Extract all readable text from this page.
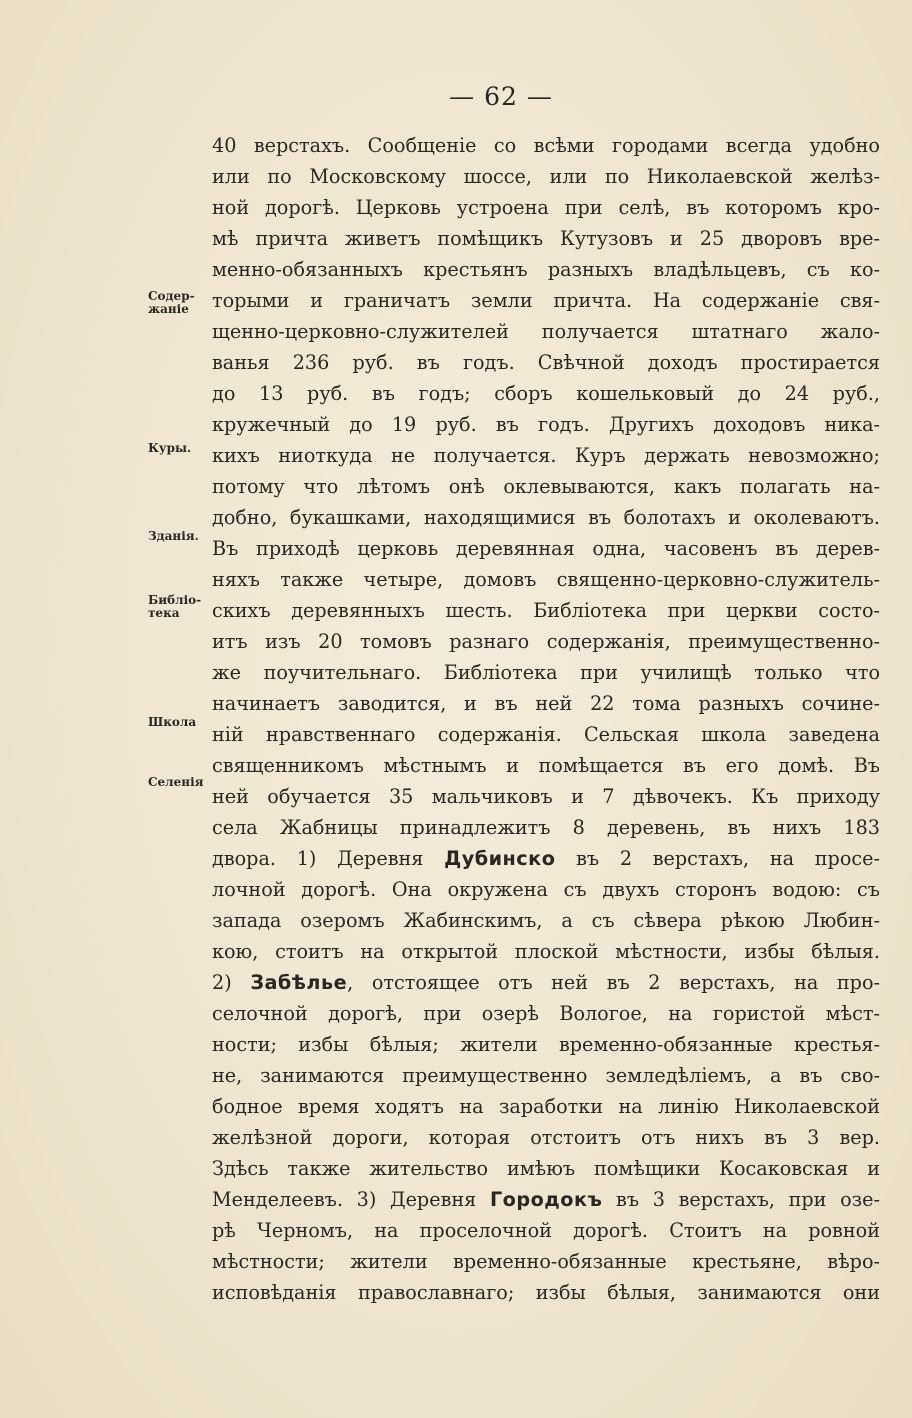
— 62 —
Содер-
жаніе
Куры.
Зданія.
Библіо-
тека
Школа
Селенія
40 верстахъ. Сообщеніе со всѣми городами всегда удобно
или по Московскому шоссе, или по Николаевской желѣз-
ной дорогѣ. Церковь устроена при селѣ, въ которомъ кро-
мѣ причта живетъ помѣщикъ Кутузовъ и 25 дворовъ вре-
менно-обязанныхъ крестьянъ разныхъ владѣльцевъ, съ ко-
торыми и граничатъ земли причта. На содержаніе свя-
щенно-церковно-служителей получается штатнаго жало-
ванья 236 руб. въ годъ. Свѣчной доходъ простирается
до 13 руб. въ годъ; сборъ кошельковый до 24 руб.,
кружечный до 19 руб. въ годъ. Другихъ доходовъ ника-
кихъ ниоткуда не получается. Куръ держать невозможно;
потому что лѣтомъ онѣ оклевываются, какъ полагать на-
добно, букашками, находящимися въ болотахъ и околеваютъ.
Въ приходѣ церковь деревянная одна, часовенъ въ дерев-
няхъ также четыре, домовъ священно-церковно-служитель-
скихъ деревянныхъ шесть. Библіотека при церкви состо-
итъ изъ 20 томовъ разнаго содержанія, преимущественно-
же поучительнаго. Библіотека при училищѣ только что
начинаетъ заводится, и въ ней 22 тома разныхъ сочине-
ній нравственнаго содержанія. Сельская школа заведена
священникомъ мѣстнымъ и помѣщается въ его домѣ. Въ
ней обучается 35 мальчиковъ и 7 дѣвочекъ. Къ приходу
села Жабницы принадлежитъ 8 деревень, въ нихъ 183
двора. 1) Деревня Дубинско въ 2 верстахъ, на просе-
лочной дорогѣ. Она окружена съ двухъ сторонъ водою: съ
запада озеромъ Жабинскимъ, а съ сѣвера рѣкою Любин-
кою, стоитъ на открытой плоской мѣстности, избы бѣлыя.
2) Забѣлье, отстоящее отъ ней въ 2 верстахъ, на про-
селочной дорогѣ, при озерѣ Вологое, на гористой мѣст-
ности; избы бѣлыя; жители временно-обязанные крестья-
не, занимаются преимущественно земледѣліемъ, а въ сво-
бодное время ходятъ на заработки на линію Николаевской
желѣзной дороги, которая отстоитъ отъ нихъ въ 3 вер.
Здѣсь также жительство имѣюъ помѣщики Косаковская и
Менделеевъ. 3) Деревня Городокъ въ 3 верстахъ, при озе-
рѣ Черномъ, на проселочной дорогѣ. Стоитъ на ровной
мѣстности; жители временно-обязанные крестьяне, вѣро-
исповѣданія православнаго; избы бѣлыя, занимаются они
